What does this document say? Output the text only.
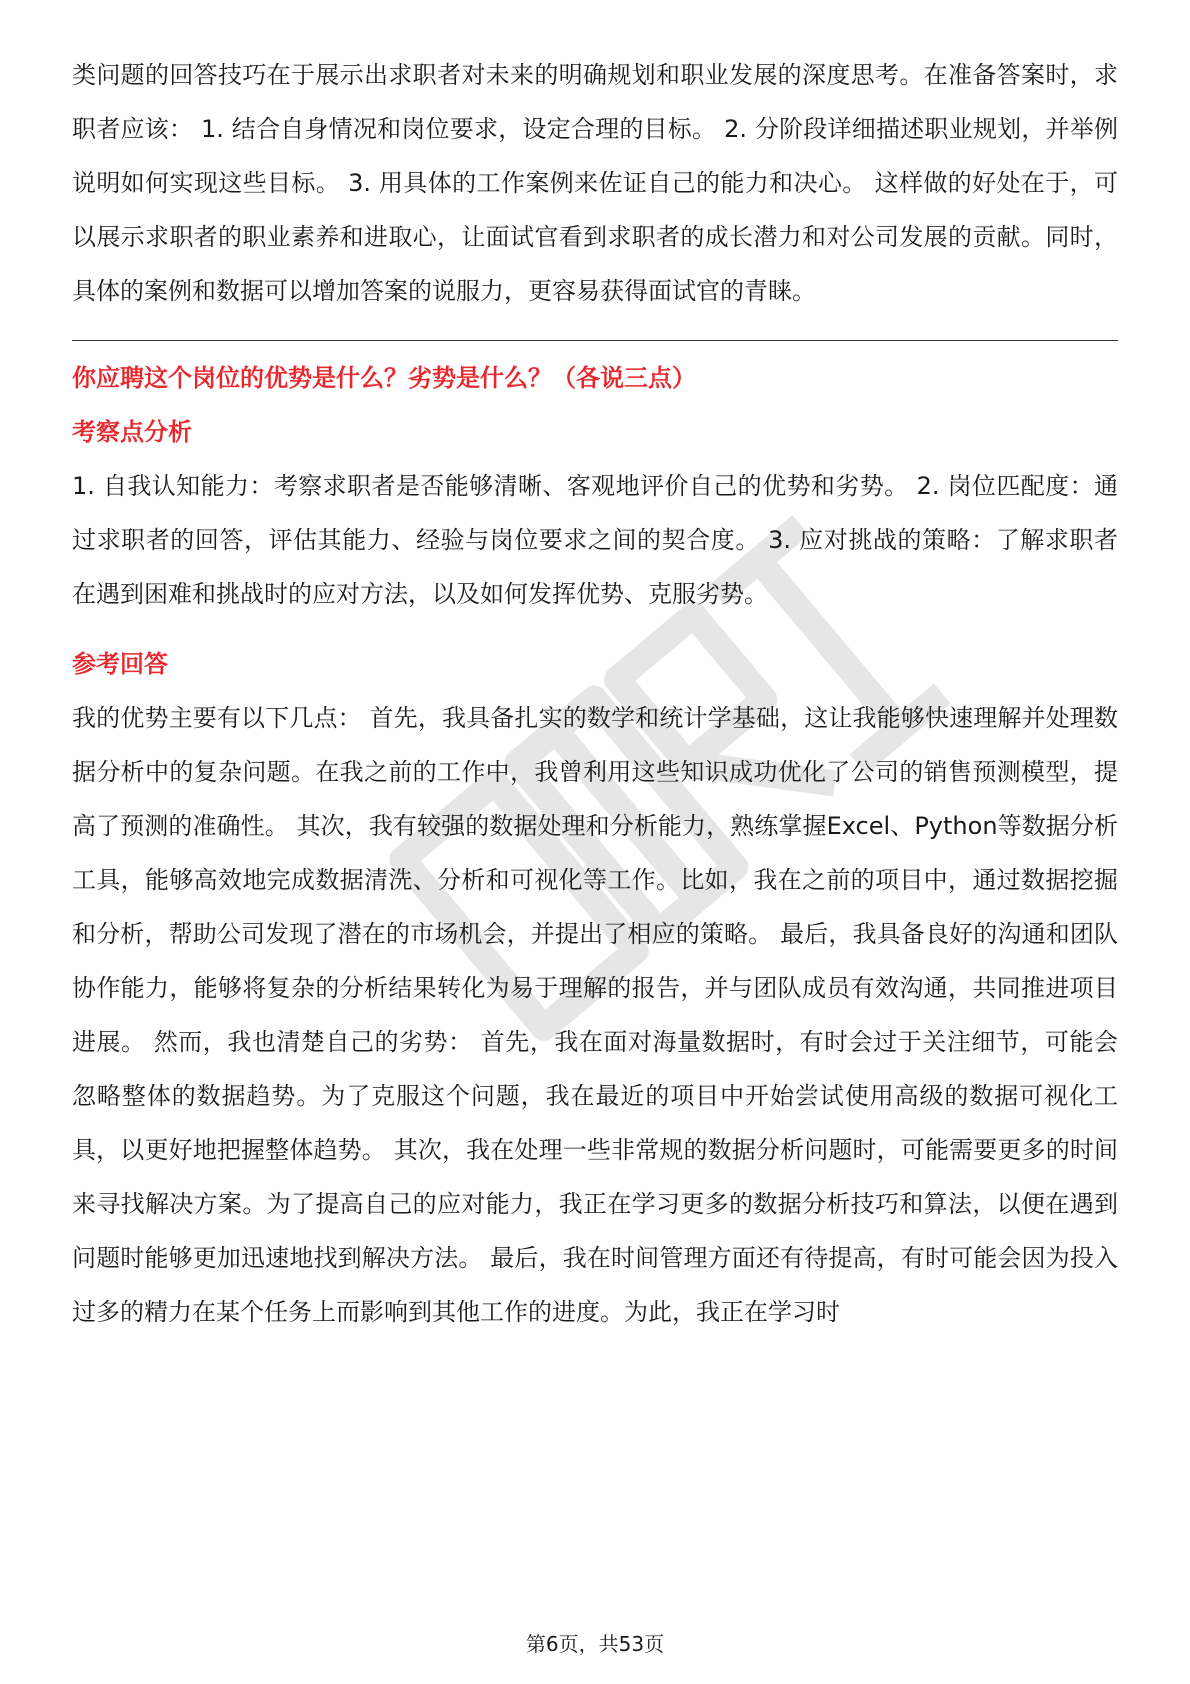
类问题的回答技巧在于展示出求职者对未来的明确规划和职业发展的深度思考。在准备答案时，求职者应该： 1. 结合自身情况和岗位要求，设定合理的目标。 2. 分阶段详细描述职业规划，并举例说明如何实现这些目标。 3. 用具体的工作案例来佐证自己的能力和决心。 这样做的好处在于，可以展示求职者的职业素养和进取心，让面试官看到求职者的成长潜力和对公司发展的贡献。同时，具体的案例和数据可以增加答案的说服力，更容易获得面试官的青睐。

你应聘这个岗位的优势是什么？劣势是什么？（各说三点）

考察点分析

1. 自我认知能力：考察求职者是否能够清晰、客观地评价自己的优势和劣势。 2. 岗位匹配度：通过求职者的回答，评估其能力、经验与岗位要求之间的契合度。 3. 应对挑战的策略：了解求职者在遇到困难和挑战时的应对方法，以及如何发挥优势、克服劣势。

参考回答

我的优势主要有以下几点： 首先，我具备扎实的数学和统计学基础，这让我能够快速理解并处理数据分析中的复杂问题。在我之前的工作中，我曾利用这些知识成功优化了公司的销售预测模型，提高了预测的准确性。 其次，我有较强的数据处理和分析能力，熟练掌握Excel、Python等数据分析工具，能够高效地完成数据清洗、分析和可视化等工作。比如，我在之前的项目中，通过数据挖掘和分析，帮助公司发现了潜在的市场机会，并提出了相应的策略。 最后，我具备良好的沟通和团队协作能力，能够将复杂的分析结果转化为易于理解的报告，并与团队成员有效沟通，共同推进项目进展。 然而，我也清楚自己的劣势： 首先，我在面对海量数据时，有时会过于关注细节，可能会忽略整体的数据趋势。为了克服这个问题，我在最近的项目中开始尝试使用高级的数据可视化工具，以更好地把握整体趋势。 其次，我在处理一些非常规的数据分析问题时，可能需要更多的时间来寻找解决方案。为了提高自己的应对能力，我正在学习更多的数据分析技巧和算法，以便在遇到问题时能够更加迅速地找到解决方法。 最后，我在时间管理方面还有待提高，有时可能会因为投入过多的精力在某个任务上而影响到其他工作的进度。为此，我正在学习时

第6页，共53页
